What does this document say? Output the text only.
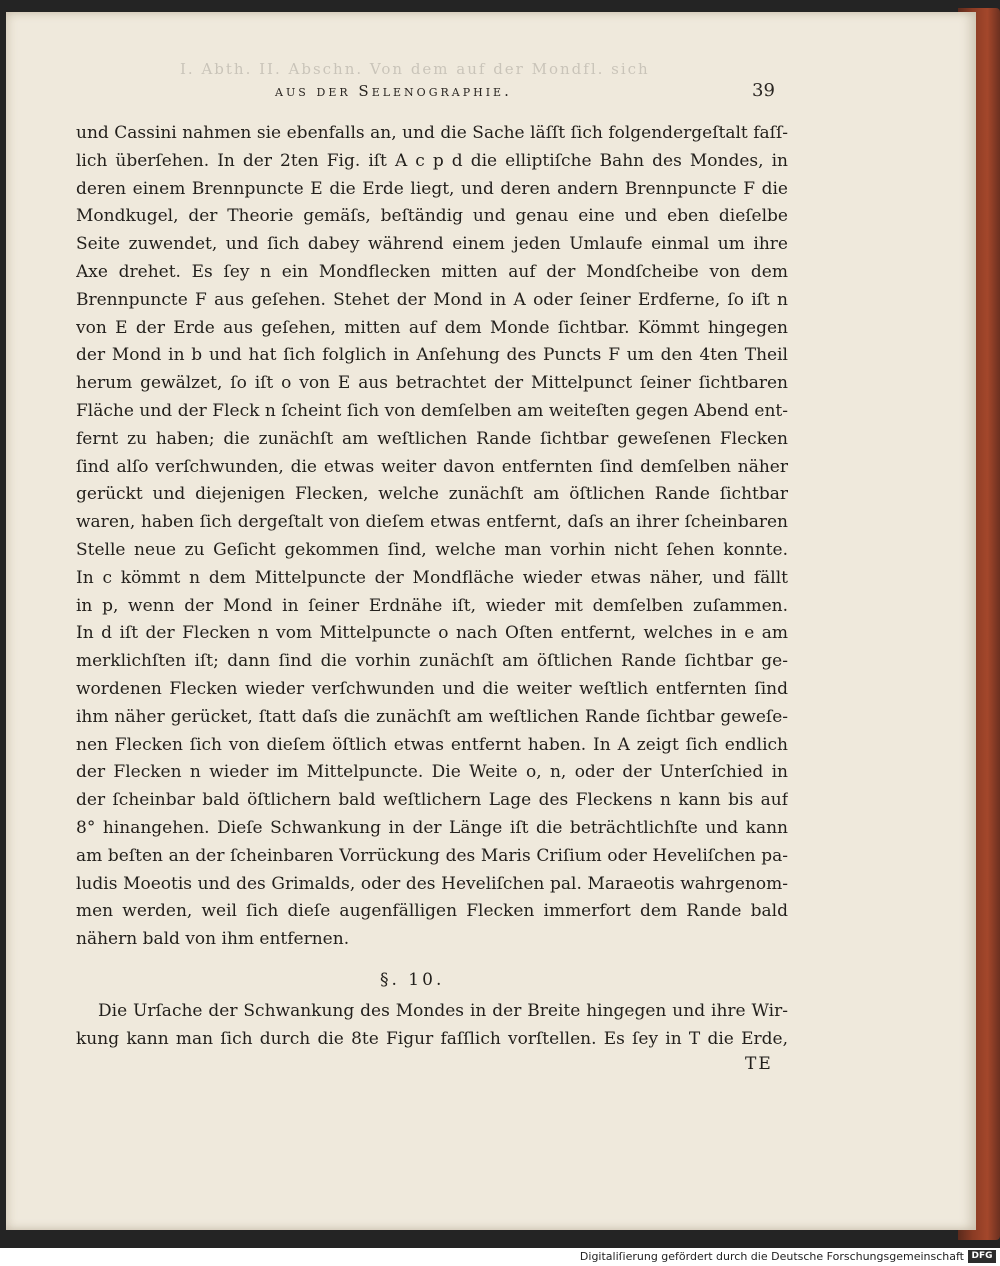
I. Abth. II. Abschn. Von dem auf der Mondfl. sich
aus der Selenographie.	39
und Cassini nahmen sie ebenfalls an, und die Sache läſſt ſich folgendergeſtalt faſſ-
lich überſehen. In der 2ten Fig. iſt A c p d die elliptiſche Bahn des Mondes, in
deren einem Brennpuncte E die Erde liegt, und deren andern Brennpuncte F die
Mondkugel, der Theorie gemäſs, beſtändig und genau eine und eben dieſelbe
Seite zuwendet, und ſich dabey während einem jeden Umlaufe einmal um ihre
Axe drehet. Es ſey n ein Mondflecken mitten auf der Mondſcheibe von dem
Brennpuncte F aus geſehen. Stehet der Mond in A oder ſeiner Erdferne, ſo iſt n
von E der Erde aus geſehen, mitten auf dem Monde ſichtbar. Kömmt hingegen
der Mond in b und hat ſich folglich in Anſehung des Puncts F um den 4ten Theil
herum gewälzet, ſo iſt o von E aus betrachtet der Mittelpunct ſeiner ſichtbaren
Fläche und der Fleck n ſcheint ſich von demſelben am weiteſten gegen Abend ent-
fernt zu haben; die zunächſt am weſtlichen Rande ſichtbar geweſenen Flecken
ſind alſo verſchwunden, die etwas weiter davon entfernten ſind demſelben näher
gerückt und diejenigen Flecken, welche zunächſt am öſtlichen Rande ſichtbar
waren, haben ſich dergeſtalt von dieſem etwas entfernt, daſs an ihrer ſcheinbaren
Stelle neue zu Geſicht gekommen ſind, welche man vorhin nicht ſehen konnte.
In c kömmt n dem Mittelpuncte der Mondfläche wieder etwas näher, und fällt
in p, wenn der Mond in ſeiner Erdnähe iſt, wieder mit demſelben zuſammen.
In d iſt der Flecken n vom Mittelpuncte o nach Oſten entfernt, welches in e am
merklichſten iſt; dann ſind die vorhin zunächſt am öſtlichen Rande ſichtbar ge-
wordenen Flecken wieder verſchwunden und die weiter weſtlich entfernten ſind
ihm näher gerücket, ſtatt daſs die zunächſt am weſtlichen Rande ſichtbar geweſe-
nen Flecken ſich von dieſem öſtlich etwas entfernt haben. In A zeigt ſich endlich
der Flecken n wieder im Mittelpuncte. Die Weite o, n, oder der Unterſchied in
der ſcheinbar bald öſtlichern bald weſtlichern Lage des Fleckens n kann bis auf
8° hinangehen. Dieſe Schwankung in der Länge iſt die beträchtlichſte und kann
am beſten an der ſcheinbaren Vorrückung des Maris Criſium oder Heveliſchen pa-
ludis Moeotis und des Grimalds, oder des Heveliſchen pal. Maraeotis wahrgenom-
men werden, weil ſich dieſe augenfälligen Flecken immerfort dem Rande bald
nähern bald von ihm entfernen.
§. 10.
Die Urſache der Schwankung des Mondes in der Breite hingegen und ihre Wir-
kung kann man ſich durch die 8te Figur faſſlich vorſtellen. Es ſey in T die Erde,
TE
Digitaliſierung gefördert durch die Deutsche Forschungsgemeinschaft DFG
